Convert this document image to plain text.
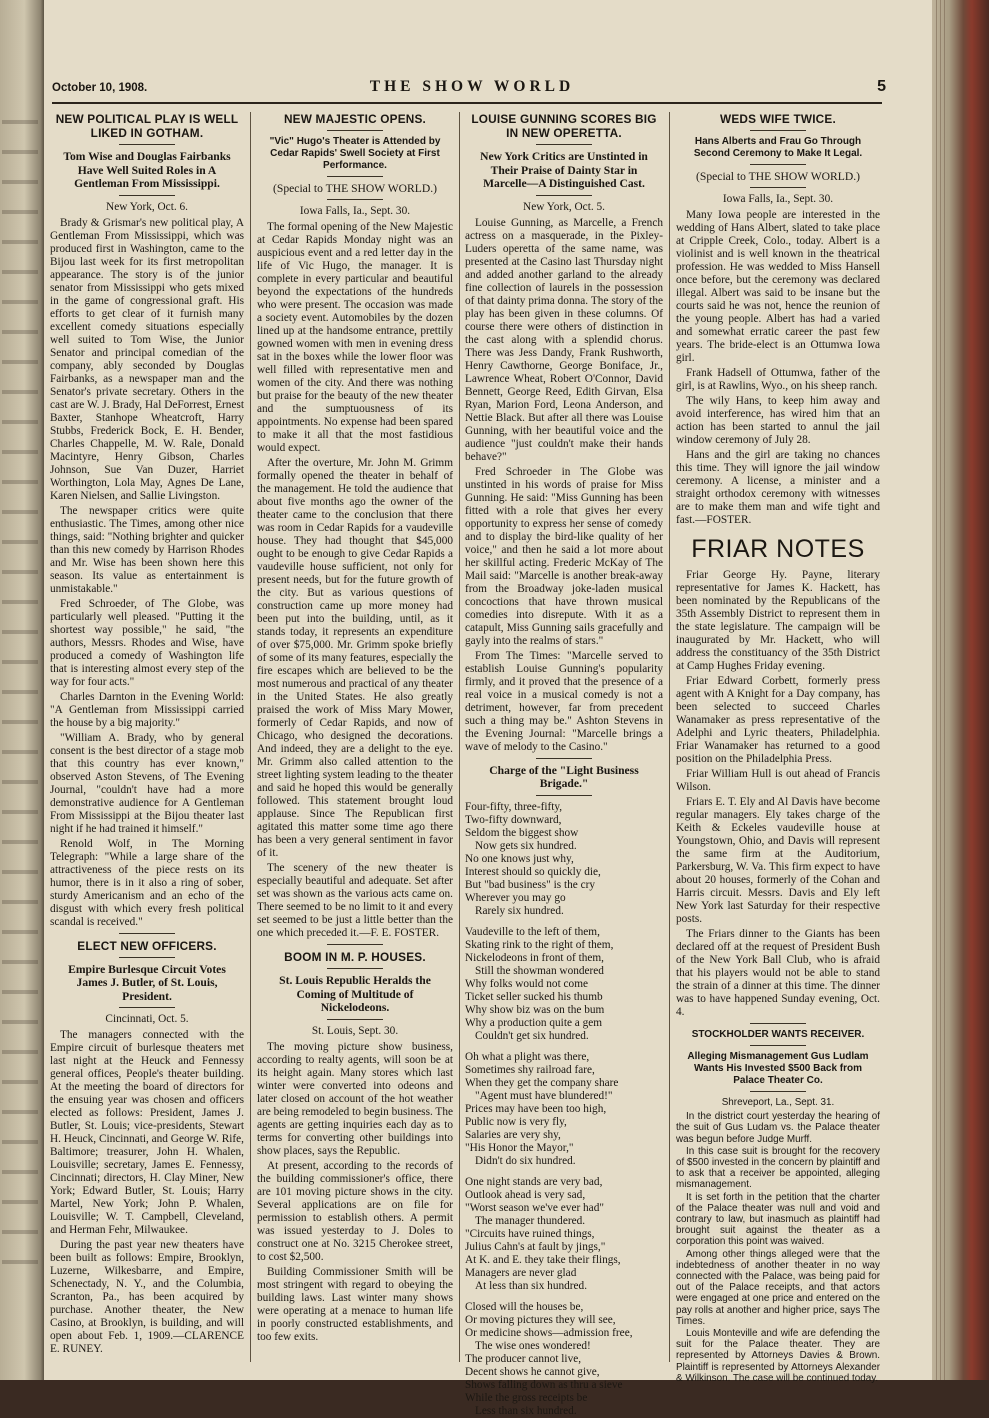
October 10, 1908.	THE SHOW WORLD	5
NEW POLITICAL PLAY IS WELL LIKED IN GOTHAM.
Tom Wise and Douglas Fairbanks Have Well Suited Roles in A Gentleman From Mississippi.
New York, Oct. 6.

Brady & Grismar's new political play, A Gentleman From Mississippi, which was produced first in Washington, came to the Bijou last week for its first metropolitan appearance. The story is of the junior senator from Mississippi who gets mixed in the game of congressional graft. His efforts to get clear of it furnish many excellent comedy situations especially well suited to Tom Wise, the Junior Senator and principal comedian of the company, ably seconded by Douglas Fairbanks, as a newspaper man and the Senator's private secretary. Others in the cast are W. J. Brady, Hal DeForrest, Ernest Baxter, Stanhope Wheatcroft, Harry Stubbs, Frederick Bock, E. H. Bender, Charles Chappelle, M. W. Rale, Donald Macintyre, Henry Gibson, Charles Johnson, Sue Van Duzer, Harriet Worthington, Lola May, Agnes De Lane, Karen Nielsen, and Sallie Livingston.

The newspaper critics were quite enthusiastic. The Times, among other nice things, said: "Nothing brighter and quicker than this new comedy by Harrison Rhodes and Mr. Wise has been shown here this season. Its value as entertainment is unmistakable."

Fred Schroeder, of The Globe, was particularly well pleased. "Putting it the shortest way possible," he said, "the authors, Messrs. Rhodes and Wise, have produced a comedy of Washington life that is interesting almost every step of the way for four acts."

Charles Darnton in the Evening World: "A Gentleman from Mississippi carried the house by a big majority."

"William A. Brady, who by general consent is the best director of a stage mob that this country has ever known," observed Aston Stevens, of The Evening Journal, "couldn't have had a more demonstrative audience for A Gentleman From Mississippi at the Bijou theater last night if he had trained it himself."

Renold Wolf, in The Morning Telegraph: "While a large share of the attractiveness of the piece rests on its humor, there is in it also a ring of sober, sturdy Americanism and an echo of the disgust with which every fresh political scandal is received."

ELECT NEW OFFICERS.
Empire Burlesque Circuit Votes James J. Butler, of St. Louis, President.
Cincinnati, Oct. 5.

The managers connected with the Empire circuit of burlesque theaters met last night at the Heuck and Fennessy general offices, People's theater building. At the meeting the board of directors for the ensuing year was chosen and officers elected as follows: President, James J. Butler, St. Louis; vice-presidents, Stewart H. Heuck, Cincinnati, and George W. Rife, Baltimore; treasurer, John H. Whalen, Louisville; secretary, James E. Fennessy, Cincinnati; directors, H. Clay Miner, New York; Edward Butler, St. Louis; Harry Martel, New York; John P. Whalen, Louisville; W. T. Campbell, Cleveland, and Herman Fehr, Milwaukee.

During the past year new theaters have been built as follows: Empire, Brooklyn, Luzerne, Wilkesbarre, and Empire, Schenectady, N. Y., and the Columbia, Scranton, Pa., has been acquired by purchase. Another theater, the New Casino, at Brooklyn, is building, and will open about Feb. 1, 1909.—CLARENCE E. RUNEY.

NEW MAJESTIC OPENS.
"Vic" Hugo's Theater is Attended by Cedar Rapids' Swell Society at First Performance.
(Special to THE SHOW WORLD.)
Iowa Falls, Ia., Sept. 30.

The formal opening of the New Majestic at Cedar Rapids Monday night was an auspicious event and a red letter day in the life of Vic Hugo, the manager. It is complete in every particular and beautiful beyond the expectations of the hundreds who were present. The occasion was made a society event. Automobiles by the dozen lined up at the handsome entrance, prettily gowned women with men in evening dress sat in the boxes while the lower floor was well filled with representative men and women of the city. And there was nothing but praise for the beauty of the new theater and the sumptuousness of its appointments. No expense had been spared to make it all that the most fastidious would expect.

After the overture, Mr. John M. Grimm formally opened the theater in behalf of the management. He told the audience that about five months ago the owner of the theater came to the conclusion that there was room in Cedar Rapids for a vaudeville house. They had thought that $45,000 ought to be enough to give Cedar Rapids a vaudeville house sufficient, not only for present needs, but for the future growth of the city. But as various questions of construction came up more money had been put into the building, until, as it stands today, it represents an expenditure of over $75,000. Mr. Grimm spoke briefly of some of its many features, especially the fire escapes which are believed to be the most numerous and practical of any theater in the United States. He also greatly praised the work of Miss Mary Mower, formerly of Cedar Rapids, and now of Chicago, who designed the decorations. And indeed, they are a delight to the eye. Mr. Grimm also called attention to the street lighting system leading to the theater and said he hoped this would be generally followed. This statement brought loud applause. Since The Republican first agitated this matter some time ago there has been a very general sentiment in favor of it.

The scenery of the new theater is especially beautiful and adequate. Set after set was shown as the various acts came on. There seemed to be no limit to it and every set seemed to be just a little better than the one which preceded it.—F. E. FOSTER.

BOOM IN M. P. HOUSES.
St. Louis Republic Heralds the Coming of Multitude of Nickelodeons.
St. Louis, Sept. 30.

The moving picture show business, according to realty agents, will soon be at its height again. Many stores which last winter were converted into odeons and later closed on account of the hot weather are being remodeled to begin business. The agents are getting inquiries each day as to terms for converting other buildings into show places, says the Republic.

At present, according to the records of the building commissioner's office, there are 101 moving picture shows in the city. Several applications are on file for permission to establish others. A permit was issued yesterday to J. Doles to construct one at No. 3215 Cherokee street, to cost $2,500.

Building Commissioner Smith will be most stringent with regard to obeying the building laws. Last winter many shows were operating at a menace to human life in poorly constructed establishments, and too few exits.

LOUISE GUNNING SCORES BIG IN NEW OPERETTA.
New York Critics are Unstinted in Their Praise of Dainty Star in Marcelle—A Distinguished Cast.
New York, Oct. 5.

Louise Gunning, as Marcelle, a French actress on a masquerade, in the Pixley-Luders operetta of the same name, was presented at the Casino last Thursday night and added another garland to the already fine collection of laurels in the possession of that dainty prima donna. The story of the play has been given in these columns. Of course there were others of distinction in the cast along with a splendid chorus. There was Jess Dandy, Frank Rushworth, Henry Cawthorne, George Boniface, Jr., Lawrence Wheat, Robert O'Connor, David Bennett, George Reed, Edith Girvan, Elsa Ryan, Marion Ford, Leona Anderson, and Nettie Black. But after all there was Louise Gunning, with her beautiful voice and the audience "just couldn't make their hands behave?"

Fred Schroeder in The Globe was unstinted in his words of praise for Miss Gunning. He said: "Miss Gunning has been fitted with a role that gives her every opportunity to express her sense of comedy and to display the bird-like quality of her voice," and then he said a lot more about her skillful acting. Frederic McKay of The Mail said: "Marcelle is another break-away from the Broadway joke-laden musical concoctions that have thrown musical comedies into disrepute. With it as a catapult, Miss Gunning sails gracefully and gayly into the realms of stars."

From The Times: "Marcelle served to establish Louise Gunning's popularity firmly, and it proved that the presence of a real voice in a musical comedy is not a detriment, however, far from precedent such a thing may be." Ashton Stevens in the Evening Journal: "Marcelle brings a wave of melody to the Casino."

Charge of the "Light Business Brigade."

Four-fifty, three-fifty,

Two-fifty downward,

Seldom the biggest show

Now gets six hundred.

No one knows just why,

Interest should so quickly die,

But "bad business" is the cry

Wherever you may go

Rarely six hundred.

Vaudeville to the left of them,

Skating rink to the right of them,

Nickelodeons in front of them,

Still the showman wondered

Why folks would not come

Ticket seller sucked his thumb

Why show biz was on the bum

Why a production quite a gem

Couldn't get six hundred.

Oh what a plight was there,

Sometimes shy railroad fare,

When they get the company share

"Agent must have blundered!"

Prices may have been too high,

Public now is very fly,

Salaries are very shy,

"His Honor the Mayor,"

Didn't do six hundred.

One night stands are very bad,

Outlook ahead is very sad,

"Worst season we've ever had"

The manager thundered.

"Circuits have ruined things,

Julius Cahn's at fault by jings,"

At K. and E. they take their flings,

Managers are never glad

At less than six hundred.

Closed will the houses be,

Or moving pictures they will see,

Or medicine shows—admission free,

The wise ones wondered!

The producer cannot live,

Decent shows he cannot give,

Shows falling down as thru a sieve

While the gross receipts be

Less than six hundred.

WEDS WIFE TWICE.
Hans Alberts and Frau Go Through Second Ceremony to Make It Legal.
(Special to THE SHOW WORLD.)
Iowa Falls, Ia., Sept. 30.

Many Iowa people are interested in the wedding of Hans Albert, slated to take place at Cripple Creek, Colo., today. Albert is a violinist and is well known in the theatrical profession. He was wedded to Miss Hansell once before, but the ceremony was declared illegal. Albert was said to be insane but the courts said he was not, hence the reunion of the young people. Albert has had a varied and somewhat erratic career the past few years. The bride-elect is an Ottumwa Iowa girl.

Frank Hadsell of Ottumwa, father of the girl, is at Rawlins, Wyo., on his sheep ranch.

The wily Hans, to keep him away and avoid interference, has wired him that an action has been started to annul the jail window ceremony of July 28.

Hans and the girl are taking no chances this time. They will ignore the jail window ceremony. A license, a minister and a straight orthodox ceremony with witnesses are to make them man and wife tight and fast.—FOSTER.

FRIAR NOTES

Friar George Hy. Payne, literary representative for James K. Hackett, has been nominated by the Republicans of the 35th Assembly District to represent them in the state legislature. The campaign will be inaugurated by Mr. Hackett, who will address the constituancy of the 35th District at Camp Hughes Friday evening.

Friar Edward Corbett, formerly press agent with A Knight for a Day company, has been selected to succeed Charles Wanamaker as press representative of the Adelphi and Lyric theaters, Philadelphia. Friar Wanamaker has returned to a good position on the Philadelphia Press.

Friar William Hull is out ahead of Francis Wilson.

Friars E. T. Ely and Al Davis have become regular managers. Ely takes charge of the Keith & Eckeles vaudeville house at Youngstown, Ohio, and Davis will represent the same firm at the Auditorium, Parkersburg, W. Va. This firm expect to have about 20 houses, formerly of the Cohan and Harris circuit. Messrs. Davis and Ely left New York last Saturday for their respective posts.

The Friars dinner to the Giants has been declared off at the request of President Bush of the New York Ball Club, who is afraid that his players would not be able to stand the strain of a dinner at this time. The dinner was to have happened Sunday evening, Oct. 4.

STOCKHOLDER WANTS RECEIVER.
Alleging Mismanagement Gus Ludlam Wants His Invested $500 Back from Palace Theater Co.
Shreveport, La., Sept. 31.

In the district court yesterday the hearing of the suit of Gus Ludam vs. the Palace theater was begun before Judge Murff.

In this case suit is brought for the recovery of $500 invested in the concern by plaintiff and to ask that a receiver be appointed, alleging mismanagement.

It is set forth in the petition that the charter of the Palace theater was null and void and contrary to law, but inasmuch as plaintiff had brought suit against the theater as a corporation this point was waived.

Among other things alleged were that the indebtedness of another theater in no way connected with the Palace, was being paid for out of the Palace receipts, and that actors were engaged at one price and entered on the pay rolls at another and higher price, says The Times.

Louis Monteville and wife are defending the suit for the Palace theater. They are represented by Attorneys Davies & Brown. Plaintiff is represented by Attorneys Alexander & Wilkinson. The case will be continued today.
